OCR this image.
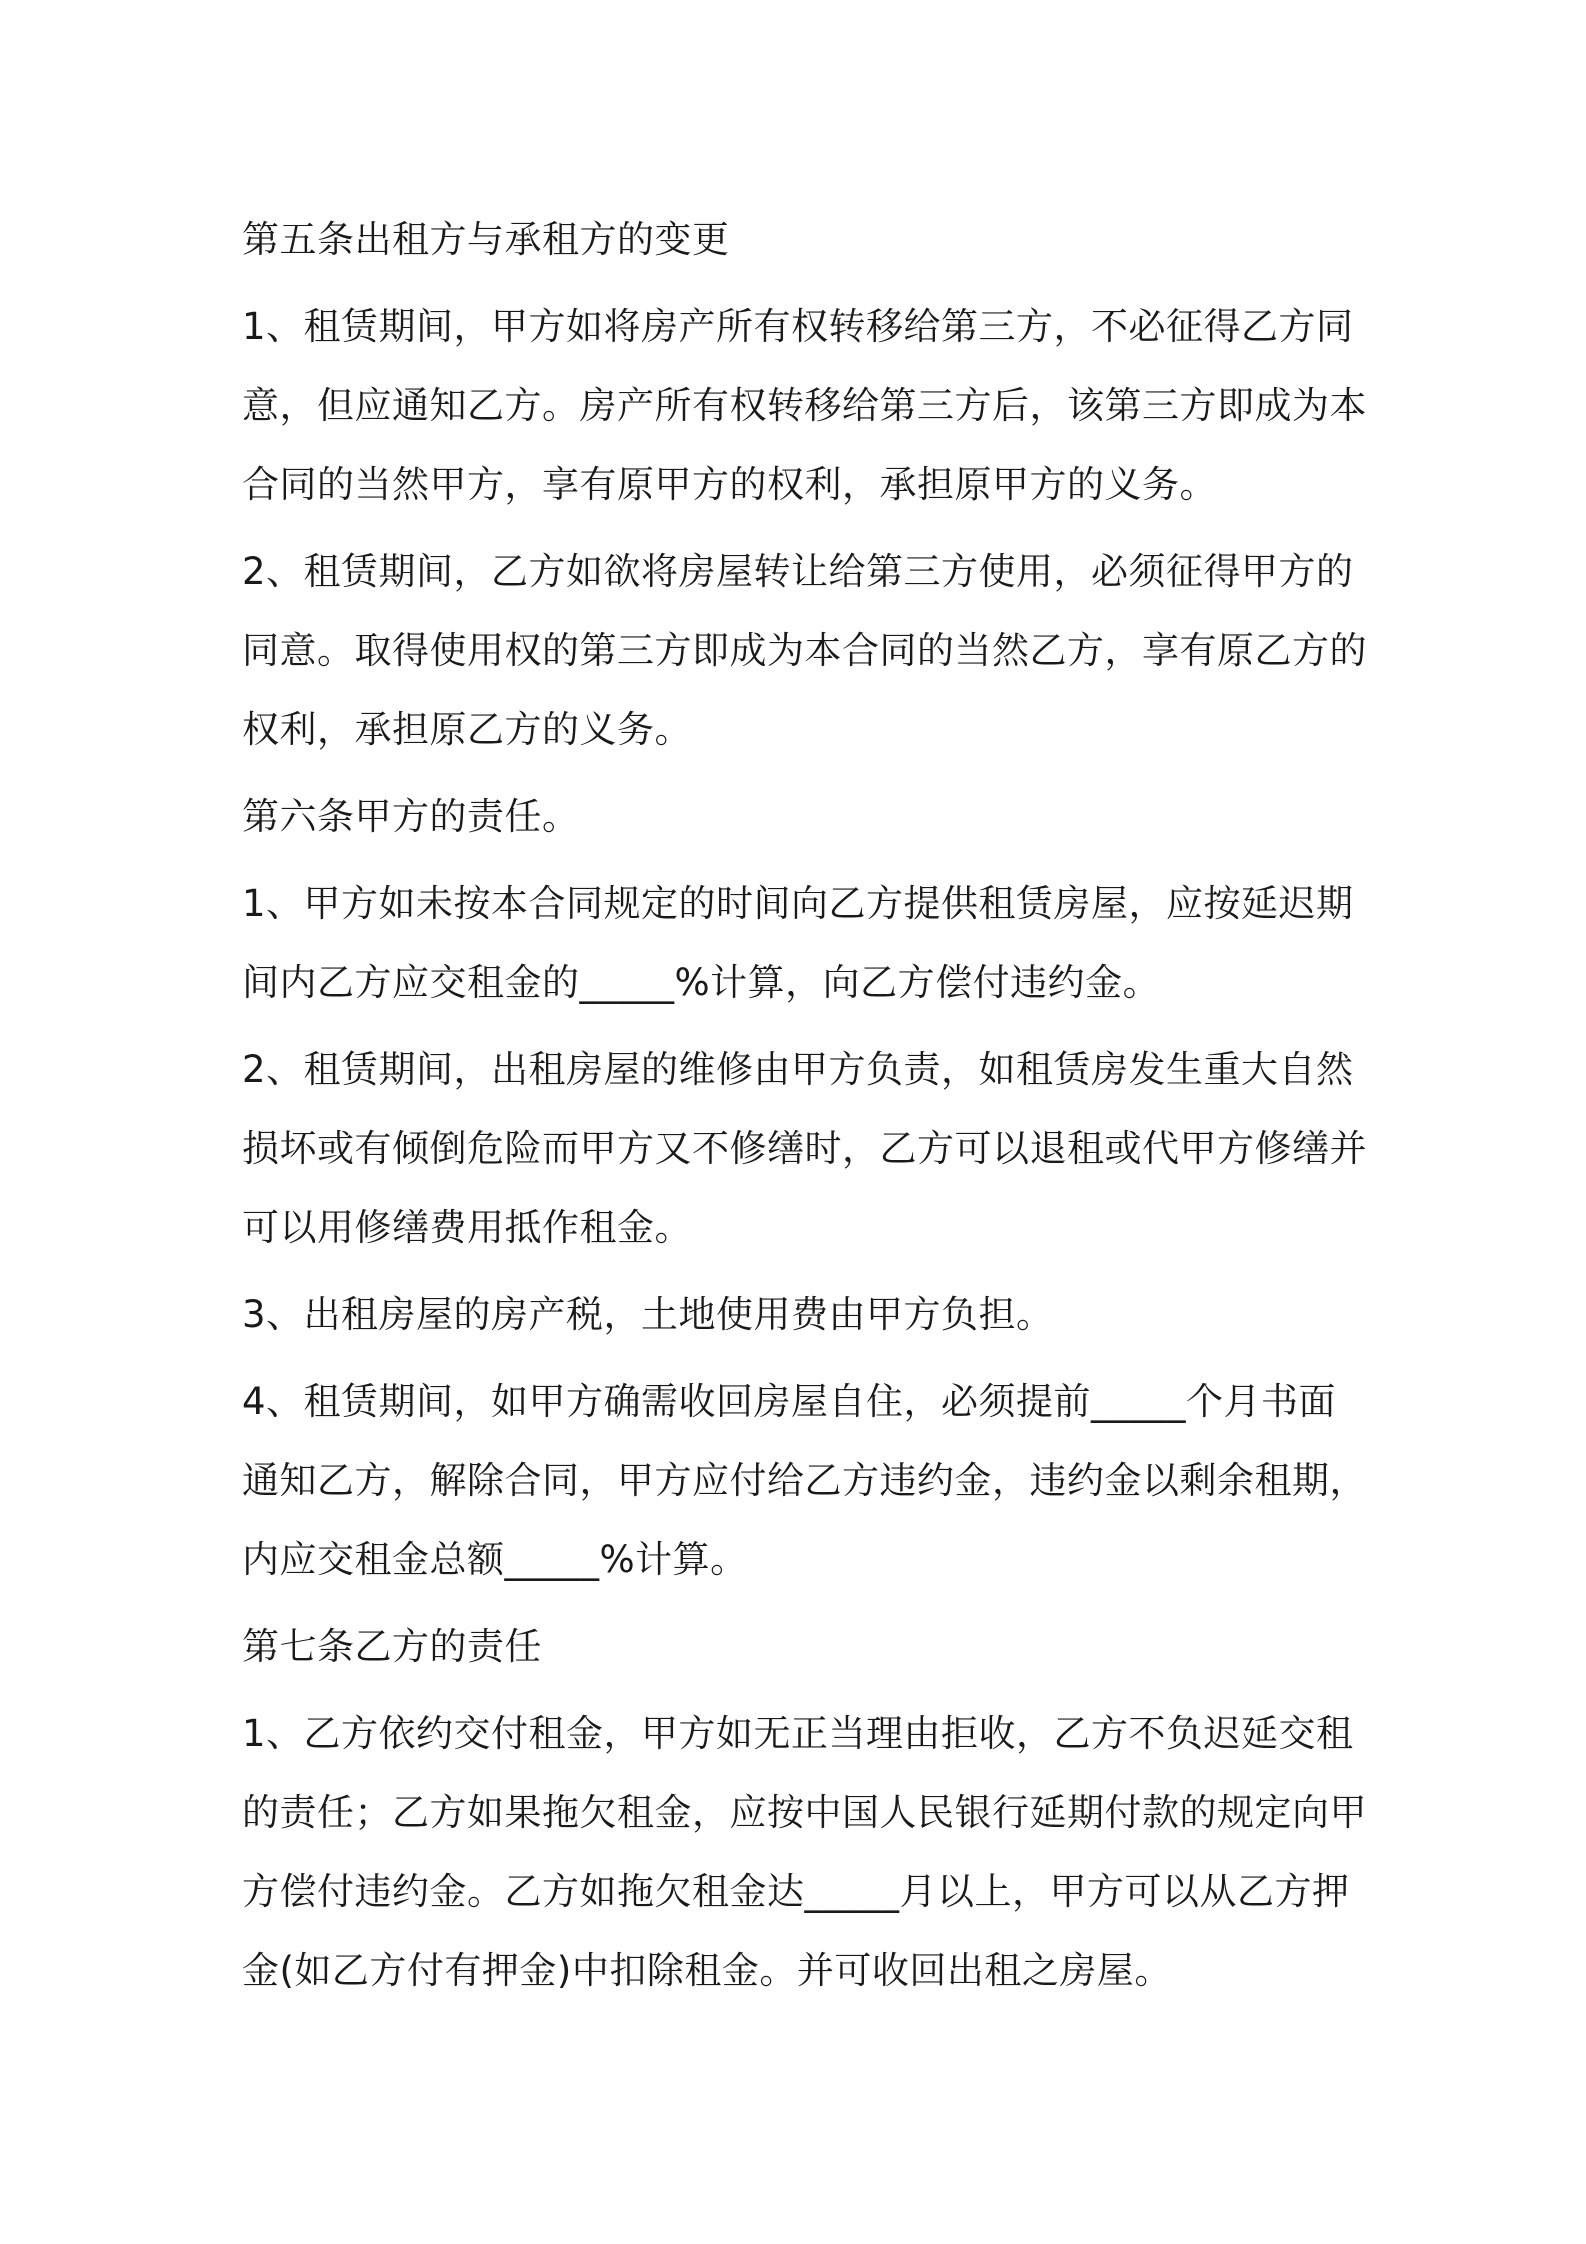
第五条出租方与承租方的变更
1、租赁期间，甲方如将房产所有权转移给第三方，不必征得乙方同
意，但应通知乙方。房产所有权转移给第三方后，该第三方即成为本
合同的当然甲方，享有原甲方的权利，承担原甲方的义务。
2、租赁期间，乙方如欲将房屋转让给第三方使用，必须征得甲方的
同意。取得使用权的第三方即成为本合同的当然乙方，享有原乙方的
权利，承担原乙方的义务。
第六条甲方的责任。
1、甲方如未按本合同规定的时间向乙方提供租赁房屋，应按延迟期
间内乙方应交租金的_____%计算，向乙方偿付违约金。
2、租赁期间，出租房屋的维修由甲方负责，如租赁房发生重大自然
损坏或有倾倒危险而甲方又不修缮时，乙方可以退租或代甲方修缮并
可以用修缮费用抵作租金。
3、出租房屋的房产税，土地使用费由甲方负担。
4、租赁期间，如甲方确需收回房屋自住，必须提前_____个月书面
通知乙方，解除合同，甲方应付给乙方违约金，违约金以剩余租期，
内应交租金总额_____%计算。
第七条乙方的责任
1、乙方依约交付租金，甲方如无正当理由拒收，乙方不负迟延交租
的责任；乙方如果拖欠租金，应按中国人民银行延期付款的规定向甲
方偿付违约金。乙方如拖欠租金达_____月以上，甲方可以从乙方押
金(如乙方付有押金)中扣除租金。并可收回出租之房屋。
